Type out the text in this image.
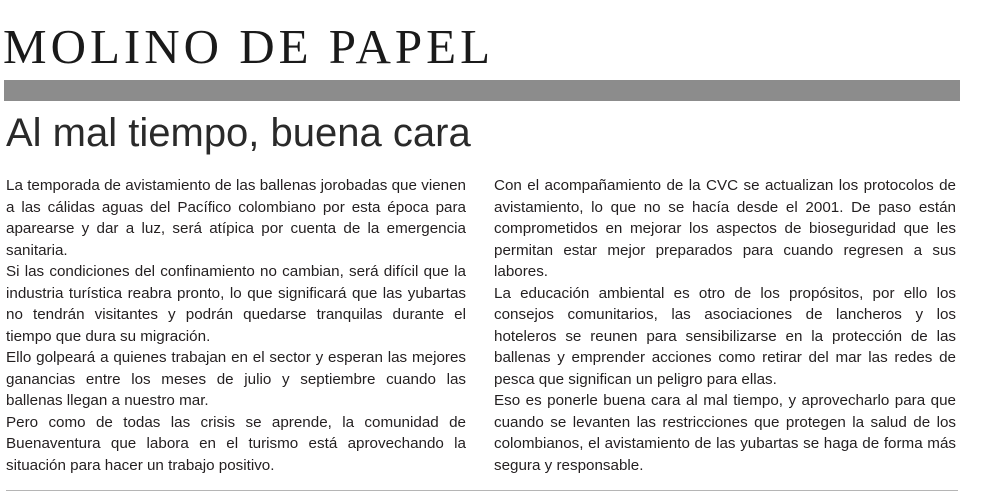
MOLINO DE PAPEL
Al mal tiempo, buena cara

La temporada de avistamiento de las ballenas jorobadas que vienen a las cálidas aguas del Pacífico colombiano por esta época para aparearse y dar a luz, será atípica por cuenta de la emergencia sanitaria.

Si las condiciones del confinamiento no cambian, será difícil que la industria turística reabra pronto, lo que significará que las yubartas no tendrán visitantes y podrán quedarse tranquilas durante el tiempo que dura su migración.

Ello golpeará a quienes trabajan en el sector y esperan las mejores ganancias entre los meses de julio y septiembre cuando las ballenas llegan a nuestro mar.

Pero como de todas las crisis se aprende, la comunidad de Buenaventura que labora en el turismo está aprovechando la situación para hacer un trabajo positivo.

Con el acompañamiento de la CVC se actualizan los protocolos de avistamiento, lo que no se hacía desde el 2001. De paso están comprometidos en mejorar los aspectos de bioseguridad que les permitan estar mejor preparados para cuando regresen a sus labores.

La educación ambiental es otro de los propósitos, por ello los consejos comunitarios, las asociaciones de lancheros y los hoteleros se reunen para sensibilizarse en la protección de las ballenas y emprender acciones como retirar del mar las redes de pesca que significan un peligro para ellas.

Eso es ponerle buena cara al mal tiempo, y aprovecharlo para que cuando se levanten las restricciones que protegen la salud de los colombianos, el avistamiento de las yubartas se haga de forma más segura y responsable.
